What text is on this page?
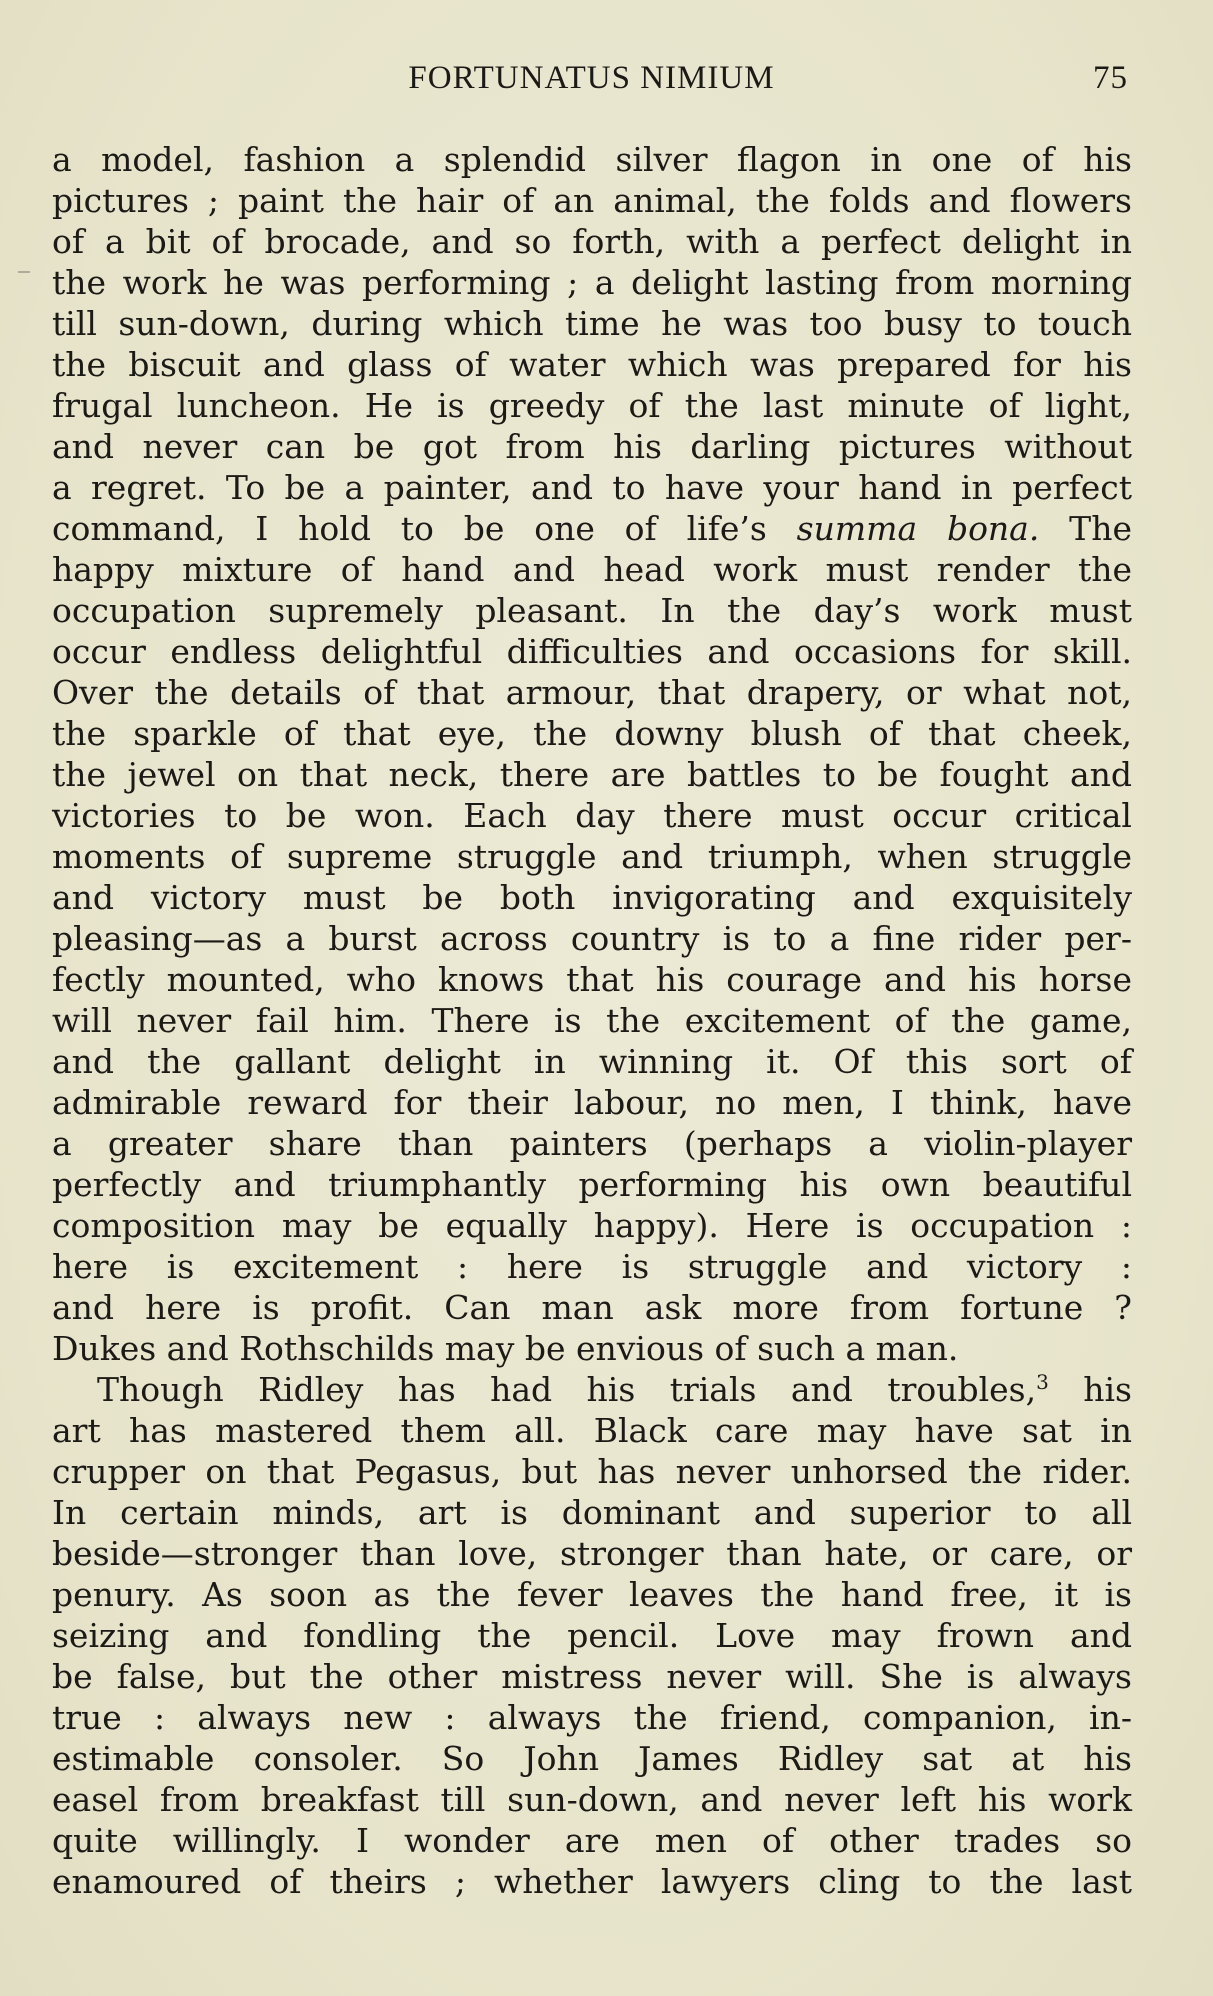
FORTUNATUS NIMIUM	75
a model, fashion a splendid silver flagon in one of his
pictures ; paint the hair of an animal, the folds and flowers
of a bit of brocade, and so forth, with a perfect delight in
the work he was performing ; a delight lasting from morning
till sun-down, during which time he was too busy to touch
the biscuit and glass of water which was prepared for his
frugal luncheon. He is greedy of the last minute of light,
and never can be got from his darling pictures without
a regret. To be a painter, and to have your hand in perfect
command, I hold to be one of life’s summa bona. The
happy mixture of hand and head work must render the
occupation supremely pleasant. In the day’s work must
occur endless delightful difficulties and occasions for skill.
Over the details of that armour, that drapery, or what not,
the sparkle of that eye, the downy blush of that cheek,
the jewel on that neck, there are battles to be fought and
victories to be won. Each day there must occur critical
moments of supreme struggle and triumph, when struggle
and victory must be both invigorating and exquisitely
pleasing—as a burst across country is to a fine rider per-
fectly mounted, who knows that his courage and his horse
will never fail him. There is the excitement of the game,
and the gallant delight in winning it. Of this sort of
admirable reward for their labour, no men, I think, have
a greater share than painters (perhaps a violin-player
perfectly and triumphantly performing his own beautiful
composition may be equally happy). Here is occupation :
here is excitement : here is struggle and victory :
and here is profit. Can man ask more from fortune ?
Dukes and Rothschilds may be envious of such a man.
Though Ridley has had his trials and troubles,$^3$ his
art has mastered them all. Black care may have sat in
crupper on that Pegasus, but has never unhorsed the rider.
In certain minds, art is dominant and superior to all
beside—stronger than love, stronger than hate, or care, or
penury. As soon as the fever leaves the hand free, it is
seizing and fondling the pencil. Love may frown and
be false, but the other mistress never will. She is always
true : always new : always the friend, companion, in-
estimable consoler. So John James Ridley sat at his
easel from breakfast till sun-down, and never left his work
quite willingly. I wonder are men of other trades so
enamoured of theirs ; whether lawyers cling to the last
